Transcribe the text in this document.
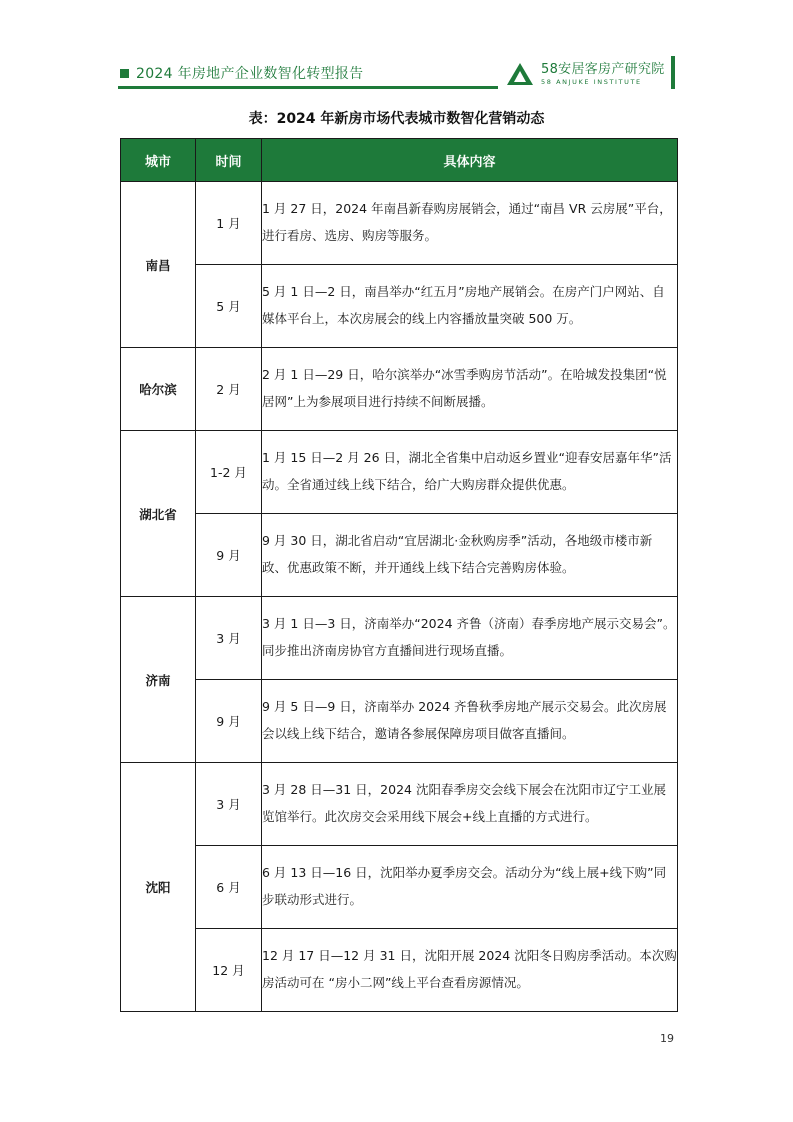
2024 年房地产企业数智化转型报告	58安居客房产研究院
58 ANJUKE INSTITUTE
表：2024 年新房市场代表城市数智化营销动态
城市	时间	具体内容
南昌	1 月	1 月 27 日，2024 年南昌新春购房展销会，通过“南昌 VR 云房展”平台，进行看房、选房、购房等服务。
	5 月	5 月 1 日—2 日，南昌举办“红五月”房地产展销会。在房产门户网站、自媒体平台上，本次房展会的线上内容播放量突破 500 万。
哈尔滨	2 月	2 月 1 日—29 日，哈尔滨举办“冰雪季购房节活动”。在哈城发投集团“悦居网”上为参展项目进行持续不间断展播。
湖北省	1-2 月	1 月 15 日—2 月 26 日，湖北全省集中启动返乡置业“迎春安居嘉年华”活动。全省通过线上线下结合，给广大购房群众提供优惠。
	9 月	9 月 30 日，湖北省启动“宜居湖北·金秋购房季”活动，各地级市楼市新政、优惠政策不断，并开通线上线下结合完善购房体验。
济南	3 月	3 月 1 日—3 日，济南举办“2024 齐鲁（济南）春季房地产展示交易会”。同步推出济南房协官方直播间进行现场直播。
	9 月	9 月 5 日—9 日，济南举办 2024 齐鲁秋季房地产展示交易会。此次房展会以线上线下结合，邀请各参展保障房项目做客直播间。
沈阳	3 月	3 月 28 日—31 日，2024 沈阳春季房交会线下展会在沈阳市辽宁工业展览馆举行。此次房交会采用线下展会+线上直播的方式进行。
	6 月	6 月 13 日—16 日，沈阳举办夏季房交会。活动分为“线上展+线下购”同步联动形式进行。
	12 月	12 月 17 日—12 月 31 日，沈阳开展 2024 沈阳冬日购房季活动。本次购房活动可在 “房小二网”线上平台查看房源情况。
19
